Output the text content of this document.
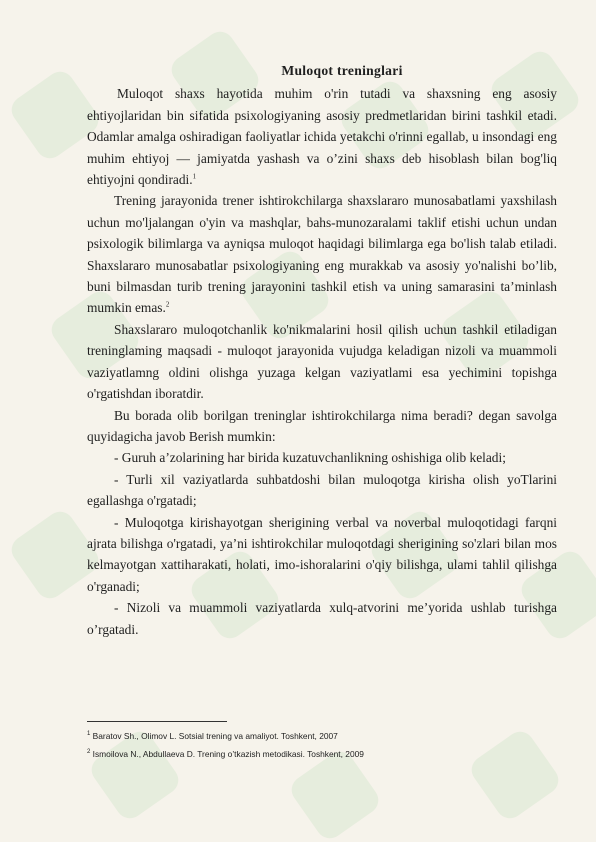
Muloqot treninglari

Muloqot shaxs hayotida muhim o'rin tutadi va shaxsning eng asosiy ehtiyojlaridan bin sifatida psixologiyaning asosiy predmetlaridan birini tashkil etadi. Odamlar amalga oshiradigan faoliyatlar ichida yetakchi o'rinni egallab, u insondagi eng muhim ehtiyoj — jamiyatda yashash va o’zini shaxs deb hisoblash bilan bog'liq ehtiyojni qondiradi.$^1$

Trening jarayonida trener ishtirokchilarga shaxslararo munosabatlami yaxshilash uchun mo'ljalangan o'yin va mashqlar, bahs-munozaralami taklif etishi uchun undan psixologik bilimlarga va ayniqsa muloqot haqidagi bilimlarga ega bo'lish talab etiladi. Shaxslararo munosabatlar psixologiyaning eng murakkab va asosiy yo'nalishi bo’lib, buni bilmasdan turib trening jarayonini tashkil etish va uning samarasini ta’minlash mumkin emas.$^2$

Shaxslararo muloqotchanlik ko'nikmalarini hosil qilish uchun tashkil etiladigan treninglaming maqsadi - muloqot jarayonida vujudga keladigan nizoli va muammoli vaziyatlamng oldini olishga yuzaga kelgan vaziyatlami esa yechimini topishga o'rgatishdan iboratdir.

Bu borada olib borilgan treninglar ishtirokchilarga nima beradi? degan savolga quyidagicha javob Berish mumkin:

- Guruh a’zolarining har birida kuzatuvchanlikning oshishiga olib keladi;

- Turli xil vaziyatlarda suhbatdoshi bilan muloqotga kirisha olish yoTlarini egallashga o'rgatadi;

- Muloqotga kirishayotgan sherigining verbal va noverbal muloqotidagi farqni ajrata bilishga o'rgatadi, ya’ni ishtirokchilar muloqotdagi sherigining so'zlari bilan mos kelmayotgan xattiharakati, holati, imo-ishoralarini o'qiy bilishga, ulami tahlil qilishga o'rganadi;

- Nizoli va muammoli vaziyatlarda xulq-atvorini me’yorida ushlab turishga o’rgatadi.

$^1$ Baratov Sh., Olimov L. Sotsial trening va amaliyot. Toshkent, 2007
$^2$ Ismoilova N., Abdullaeva D. Trening o’tkazish metodikasi. Toshkent, 2009
